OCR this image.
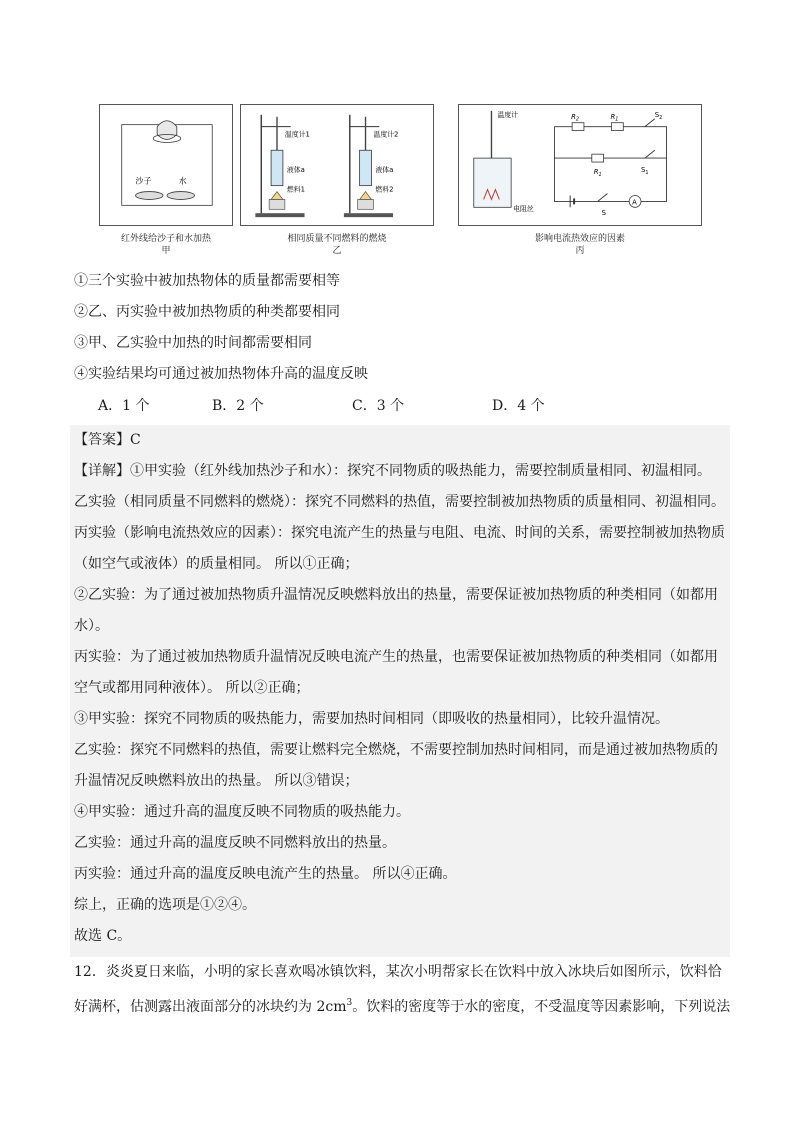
沙子	水
红外线给沙子和水加热
甲
温度计1
液体a
燃料1
温度计2
液体a
燃料2
相同质量不同燃料的燃烧
乙
温度计
电阻丝
A
$R_2$	$R_1$
$R_1$
$S_2$
$S_1$
S
影响电流热效应的因素
丙
①三个实验中被加热物体的质量都需要相等
②乙、丙实验中被加热物质的种类都要相同
③甲、乙实验中加热的时间都需要相同
④实验结果均可通过被加热物体升高的温度反映
A．1 个	B．2 个	C．3 个	D．4 个
【答案】C
【详解】①甲实验（红外线加热沙子和水）：探究不同物质的吸热能力，需要控制质量相同、初温相同。
乙实验（相同质量不同燃料的燃烧）：探究不同燃料的热值，需要控制被加热物质的质量相同、初温相同。
丙实验（影响电流热效应的因素）：探究电流产生的热量与电阻、电流、时间的关系，需要控制被加热物质
（如空气或液体）的质量相同。 所以①正确；
②乙实验：为了通过被加热物质升温情况反映燃料放出的热量，需要保证被加热物质的种类相同（如都用
水）。
丙实验：为了通过被加热物质升温情况反映电流产生的热量，也需要保证被加热物质的种类相同（如都用
空气或都用同种液体）。 所以②正确；
③甲实验：探究不同物质的吸热能力，需要加热时间相同（即吸收的热量相同），比较升温情况。
乙实验：探究不同燃料的热值，需要让燃料完全燃烧，不需要控制加热时间相同，而是通过被加热物质的
升温情况反映燃料放出的热量。 所以③错误；
④甲实验：通过升高的温度反映不同物质的吸热能力。
乙实验：通过升高的温度反映不同燃料放出的热量。
丙实验：通过升高的温度反映电流产生的热量。 所以④正确。
综上，正确的选项是①②④。
故选 C。
12．炎炎夏日来临，小明的家长喜欢喝冰镇饮料，某次小明帮家长在饮料中放入冰块后如图所示，饮料恰
好满杯，估测露出液面部分的冰块约为 $2cm^3$。饮料的密度等于水的密度，不受温度等因素影响，下列说法
